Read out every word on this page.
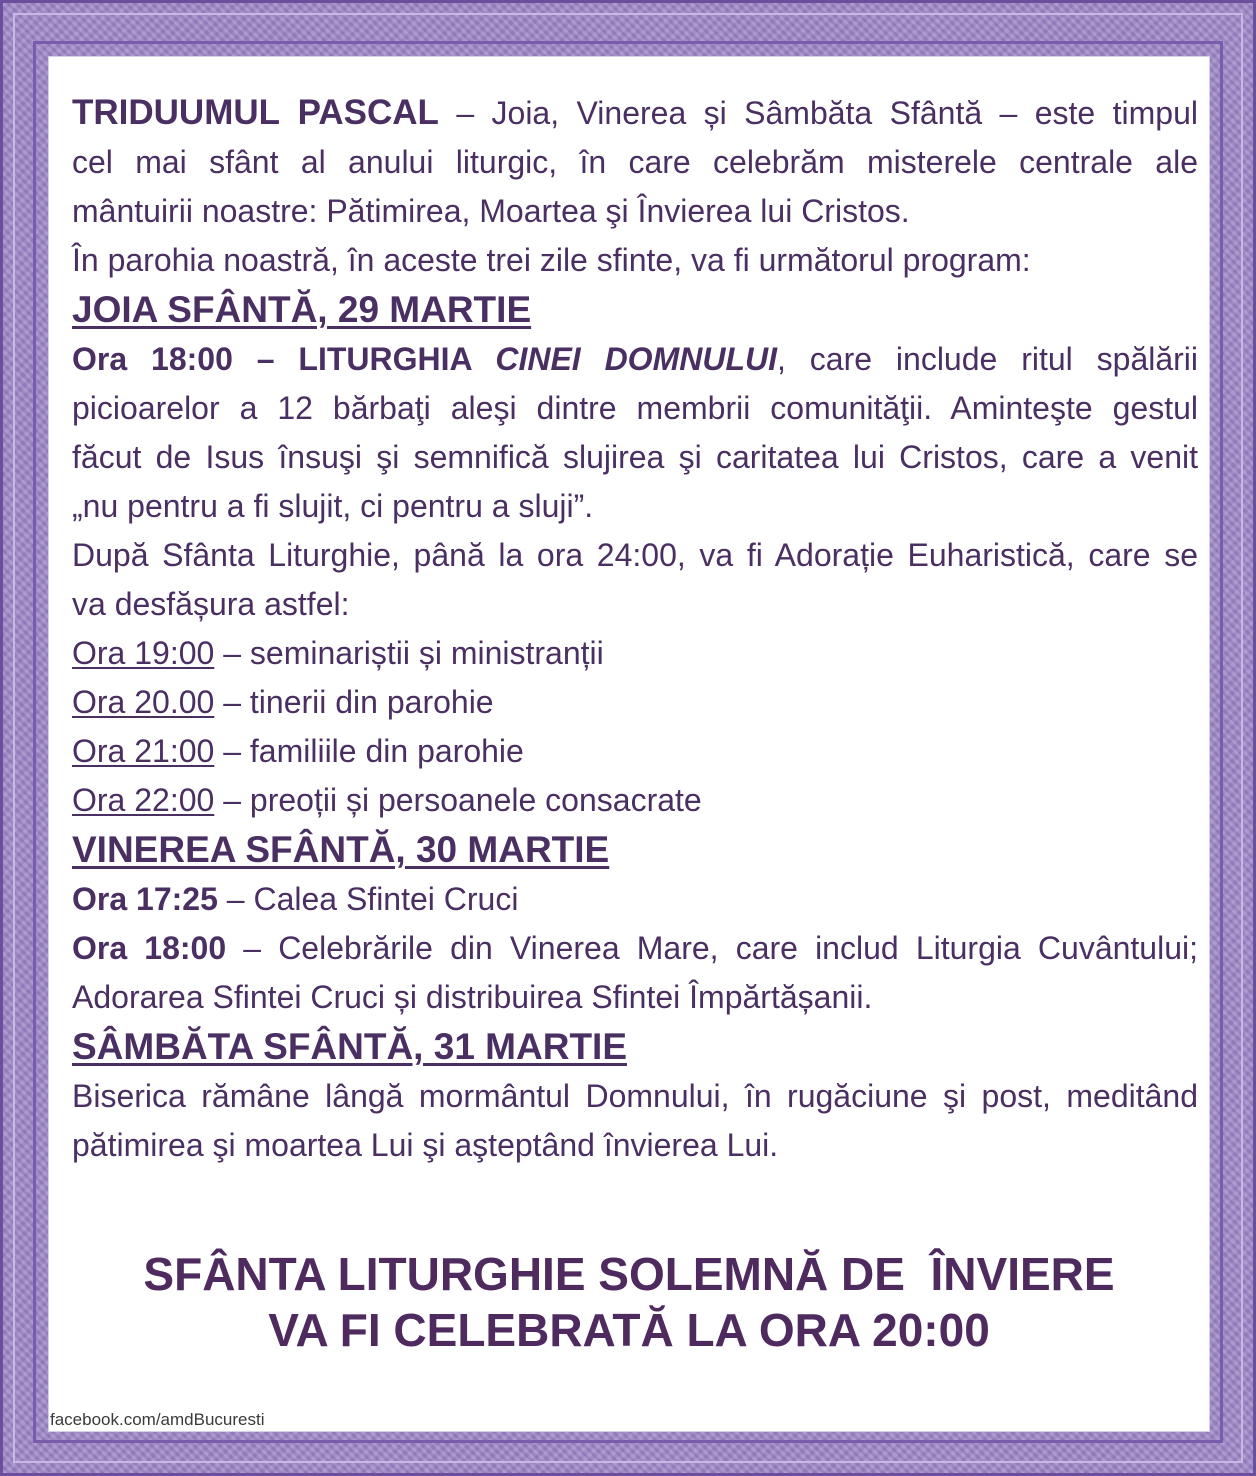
TRIDUUMUL PASCAL – Joia, Vinerea și Sâmbăta Sfântă – este timpul

cel mai sfânt al anului liturgic, în care celebrăm misterele centrale ale

mântuirii noastre: Pătimirea, Moartea şi Învierea lui Cristos.

În parohia noastră, în aceste trei zile sfinte, va fi următorul program:

JOIA SFÂNTĂ, 29 MARTIE

Ora 18:00 – LITURGHIA CINEI DOMNULUI, care include ritul spălării

picioarelor a 12 bărbaţi aleşi dintre membrii comunităţii. Aminteşte gestul

făcut de Isus însuşi şi semnifică slujirea şi caritatea lui Cristos, care a venit

„nu pentru a fi slujit, ci pentru a sluji”.

După Sfânta Liturghie, până la ora 24:00, va fi Adorație Euharistică, care se

va desfășura astfel:

Ora 19:00 – seminariștii și ministranții

Ora 20.00 – tinerii din parohie

Ora 21:00 – familiile din parohie

Ora 22:00 – preoții și persoanele consacrate

VINEREA SFÂNTĂ, 30 MARTIE

Ora 17:25 – Calea Sfintei Cruci

Ora 18:00 – Celebrările din Vinerea Mare, care includ Liturgia Cuvântului;

Adorarea Sfintei Cruci și distribuirea Sfintei Împărtășanii.

SÂMBĂTA SFÂNTĂ, 31 MARTIE

Biserica rămâne lângă mormântul Domnului, în rugăciune şi post, meditând

pătimirea şi moartea Lui şi aşteptând învierea Lui.

SFÂNTA LITURGHIE SOLEMNĂ DE  ÎNVIERE
VA FI CELEBRATĂ LA ORA 20:00
facebook.com/amdBucuresti
